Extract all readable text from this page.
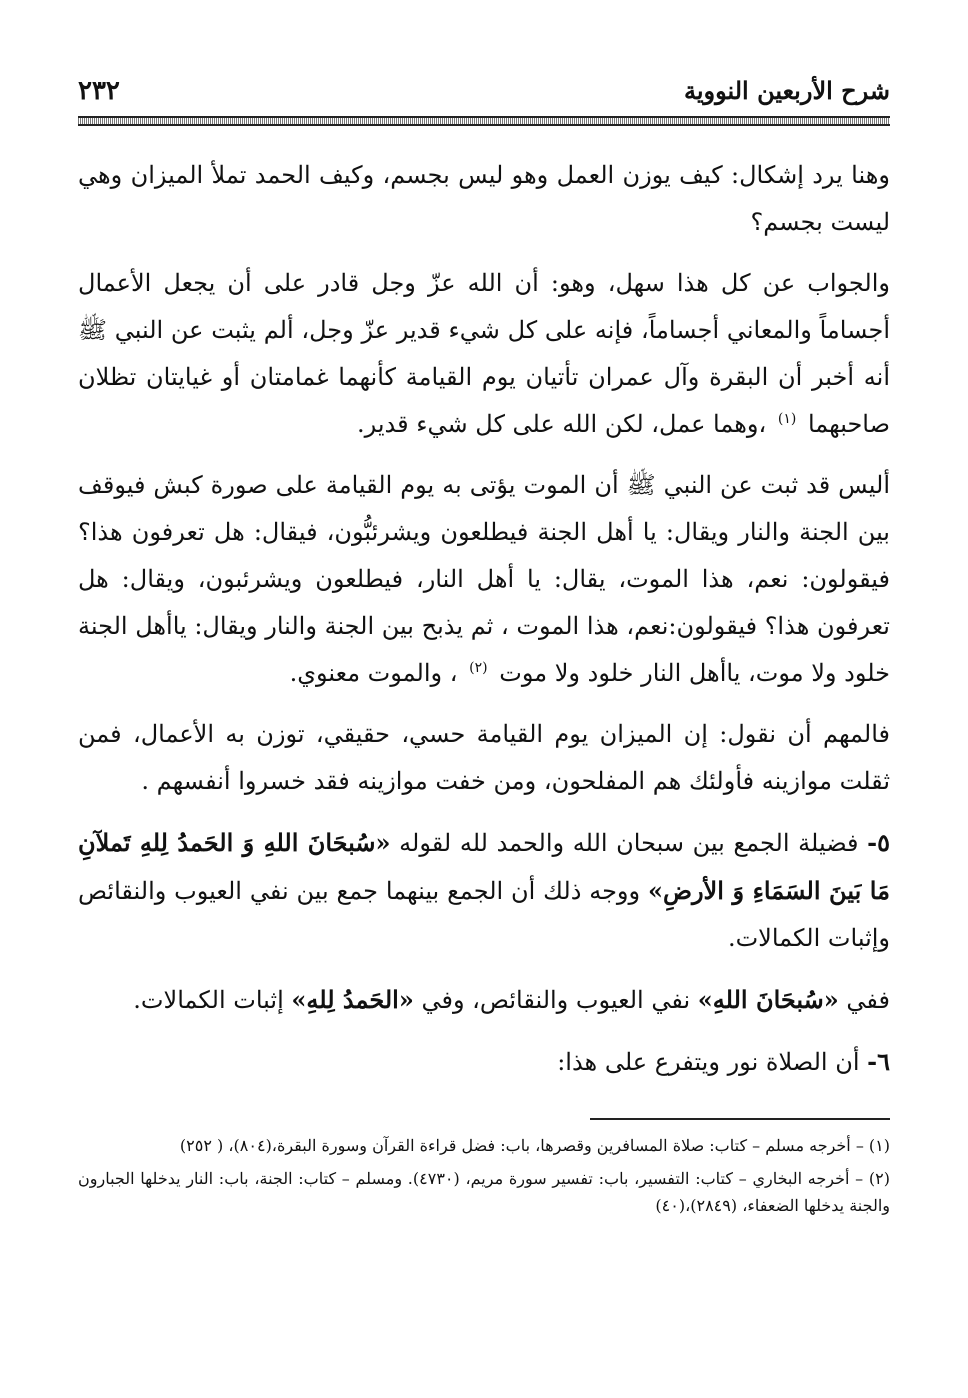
شرح الأربعين النووية
٢٣٢

وهنا يرد إشكال: كيف يوزن العمل وهو ليس بجسم، وكيف الحمد تملأ الميزان وهي ليست بجسم؟

والجواب عن كل هذا سهل، وهو: أن الله عزّ وجل قادر على أن يجعل الأعمال أجساماً والمعاني أجساماً، فإنه على كل شيء قدير عزّ وجل، ألم يثبت عن النبي ﷺ أنه أخبر أن البقرة وآل عمران تأتيان يوم القيامة كأنهما غمامتان أو غيايتان تظلان صاحبهما $^{(١)}$ ،وهما عمل، لكن الله على كل شيء قدير.

أليس قد ثبت عن النبي ﷺ أن الموت يؤتى به يوم القيامة على صورة كبش فيوقف بين الجنة والنار ويقال: يا أهل الجنة فيطلعون ويشرئبُّون، فيقال: هل تعرفون هذا؟ فيقولون: نعم، هذا الموت، يقال: يا أهل النار، فيطلعون ويشرئبون، ويقال: هل تعرفون هذا؟ فيقولون:نعم، هذا الموت ، ثم يذبح بين الجنة والنار ويقال: ياأهل الجنة خلود ولا موت، ياأهل النار خلود ولا موت $^{(٢)}$ ، والموت معنوي.

فالمهم أن نقول: إن الميزان يوم القيامة حسي، حقيقي، توزن به الأعمال، فمن ثقلت موازينه فأولئك هم المفلحون، ومن خفت موازينه فقد خسروا أنفسهم .

٥- فضيلة الجمع بين سبحان الله والحمد لله لقوله «سُبحَانَ اللهِ وَ الحَمدُ لِلهِ تَملآنِ مَا بَينَ السَمَاءِ وَ الأرضِ» ووجه ذلك أن الجمع بينهما جمع بين نفي العيوب والنقائص وإثبات الكمالات.

ففي «سُبحَانَ اللهِ» نفي العيوب والنقائص، وفي «الحَمدُ لِلهِ» إثبات الكمالات.

٦- أن الصلاة نور ويتفرع على هذا:

(١) – أخرجه مسلم – كتاب: صلاة المسافرين وقصرها، باب: فضل قراءة القرآن وسورة البقرة،(٨٠٤)، ( ٢٥٢)

(٢) – أخرجه البخاري – كتاب: التفسير، باب: تفسير سورة مريم، (٤٧٣٠). ومسلم – كتاب: الجنة، باب: النار يدخلها الجبارون والجنة يدخلها الضعفاء، (٢٨٤٩)،(٤٠)
